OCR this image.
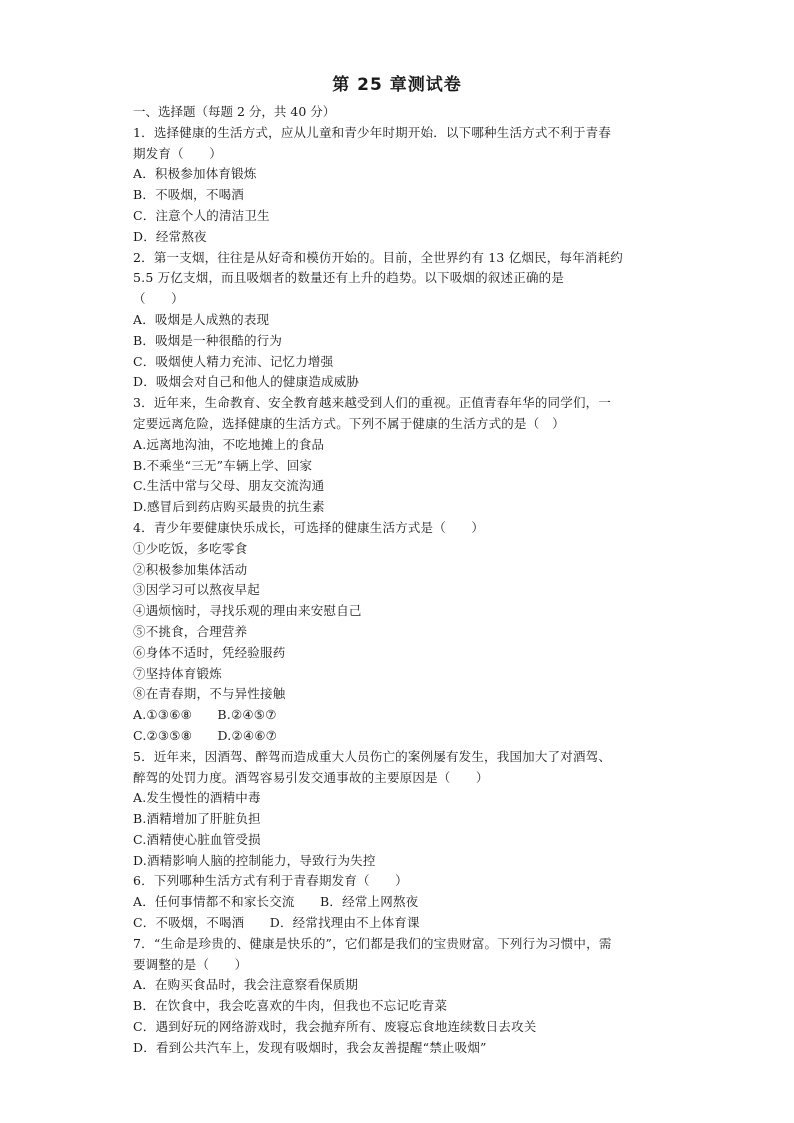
第 25 章测试卷
一、选择题（每题 2 分，共 40 分）
1．选择健康的生活方式，应从儿童和青少年时期开始．以下哪种生活方式不利于青春
期发育（　　）
A．积极参加体育锻炼
B．不吸烟，不喝酒
C．注意个人的清洁卫生
D．经常熬夜
2．第一支烟，往往是从好奇和模仿开始的。目前，全世界约有 13 亿烟民，每年消耗约
5.5 万亿支烟，而且吸烟者的数量还有上升的趋势。以下吸烟的叙述正确的是
（　　）
A．吸烟是人成熟的表现
B．吸烟是一种很酷的行为
C．吸烟使人精力充沛、记忆力增强
D．吸烟会对自己和他人的健康造成威胁
3．近年来，生命教育、安全教育越来越受到人们的重视。正值青春年华的同学们，一
定要远离危险，选择健康的生活方式。下列不属于健康的生活方式的是（　）
A.远离地沟油，不吃地摊上的食品
B.不乘坐“三无”车辆上学、回家
C.生活中常与父母、朋友交流沟通
D.感冒后到药店购买最贵的抗生素
4．青少年要健康快乐成长，可选择的健康生活方式是（　　）
①少吃饭，多吃零食
②积极参加集体活动
③因学习可以熬夜早起
④遇烦恼时，寻找乐观的理由来安慰自己
⑤不挑食，合理营养
⑥身体不适时，凭经验服药
⑦坚持体育锻炼
⑧在青春期，不与异性接触
A.①③⑥⑧　　B.②④⑤⑦
C.②③⑤⑧　　D.②④⑥⑦
5．近年来，因酒驾、醉驾而造成重大人员伤亡的案例屡有发生，我国加大了对酒驾、
醉驾的处罚力度。酒驾容易引发交通事故的主要原因是（　　）
A.发生慢性的酒精中毒
B.酒精增加了肝脏负担
C.酒精使心脏血管受损
D.酒精影响人脑的控制能力，导致行为失控
6．下列哪种生活方式有利于青春期发育（　　）
A．任何事情都不和家长交流　　B．经常上网熬夜
C．不吸烟，不喝酒　　D．经常找理由不上体育课
7．“生命是珍贵的、健康是快乐的”，它们都是我们的宝贵财富。下列行为习惯中，需
要调整的是（　　）
A．在购买食品时，我会注意察看保质期
B．在饮食中，我会吃喜欢的牛肉，但我也不忘记吃青菜
C．遇到好玩的网络游戏时，我会抛弃所有、废寝忘食地连续数日去攻关
D．看到公共汽车上，发现有吸烟时，我会友善提醒“禁止吸烟”
